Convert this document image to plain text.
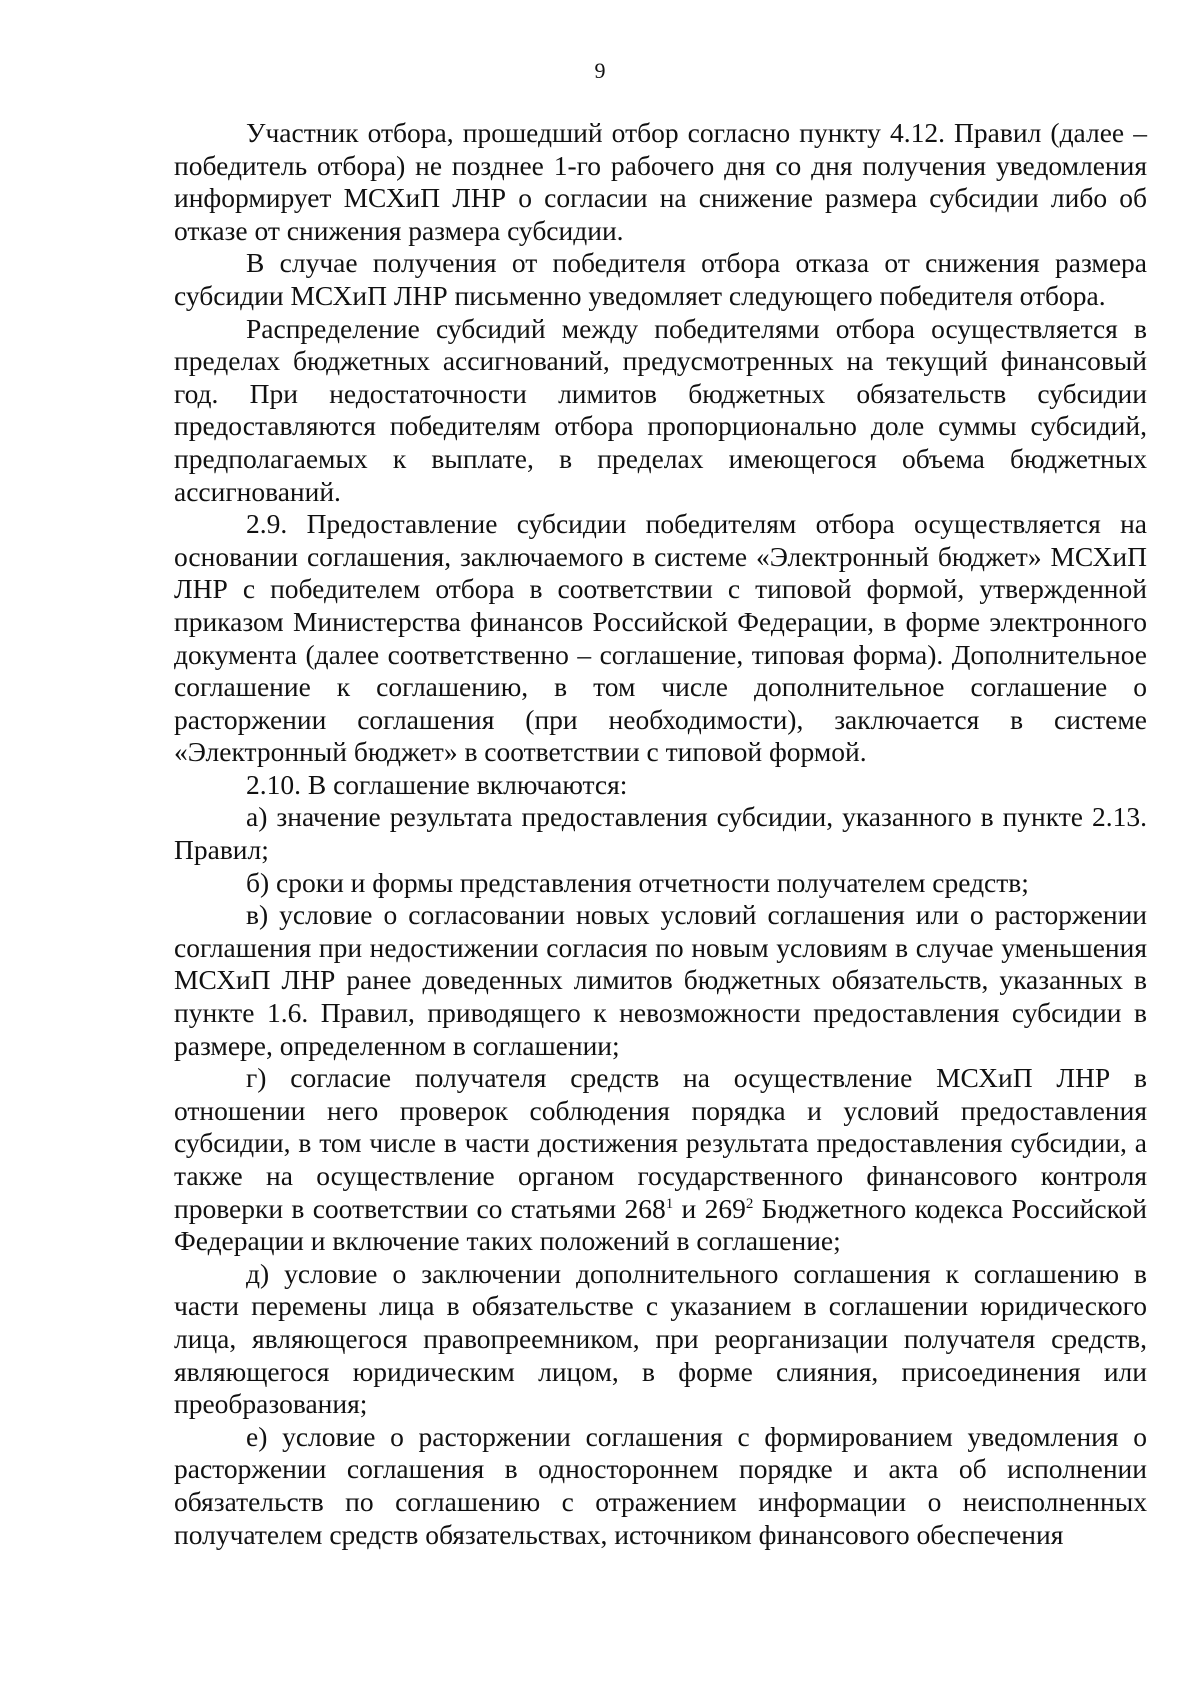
9

Участник отбора, прошедший отбор согласно пункту 4.12. Правил (далее – победитель отбора) не позднее 1-го рабочего дня со дня получения уведомления информирует МСХиП ЛНР о согласии на снижение размера субсидии либо об отказе от снижения размера субсидии.

В случае получения от победителя отбора отказа от снижения размера субсидии МСХиП ЛНР письменно уведомляет следующего победителя отбора.

Распределение субсидий между победителями отбора осуществляется в пределах бюджетных ассигнований, предусмотренных на текущий финансовый год. При недостаточности лимитов бюджетных обязательств субсидии предоставляются победителям отбора пропорционально доле суммы субсидий, предполагаемых к выплате, в пределах имеющегося объема бюджетных ассигнований.

2.9. Предоставление субсидии победителям отбора осуществляется на основании соглашения, заключаемого в системе «Электронный бюджет» МСХиП ЛНР с победителем отбора в соответствии с типовой формой, утвержденной приказом Министерства финансов Российской Федерации, в форме электронного документа (далее соответственно – соглашение, типовая форма). Дополнительное соглашение к соглашению, в том числе дополнительное соглашение о расторжении соглашения (при необходимости), заключается в системе «Электронный бюджет» в соответствии с типовой формой.

2.10. В соглашение включаются:

а) значение результата предоставления субсидии, указанного в пункте 2.13. Правил;

б) сроки и формы представления отчетности получателем средств;

в) условие о согласовании новых условий соглашения или о расторжении соглашения при недостижении согласия по новым условиям в случае уменьшения МСХиП ЛНР ранее доведенных лимитов бюджетных обязательств, указанных в пункте 1.6. Правил, приводящего к невозможности предоставления субсидии в размере, определенном в соглашении;

г) согласие получателя средств на осуществление МСХиП ЛНР в отношении него проверок соблюдения порядка и условий предоставления субсидии, в том числе в части достижения результата предоставления субсидии, а также на осуществление органом государственного финансового контроля проверки в соответствии со статьями $268^1$ и $269^2$ Бюджетного кодекса Российской Федерации и включение таких положений в соглашение;

д) условие о заключении дополнительного соглашения к соглашению в части перемены лица в обязательстве с указанием в соглашении юридического лица, являющегося правопреемником, при реорганизации получателя средств, являющегося юридическим лицом, в форме слияния, присоединения или преобразования;

е) условие о расторжении соглашения с формированием уведомления о расторжении соглашения в одностороннем порядке и акта об исполнении обязательств по соглашению с отражением информации о неисполненных получателем средств обязательствах, источником финансового обеспечения
